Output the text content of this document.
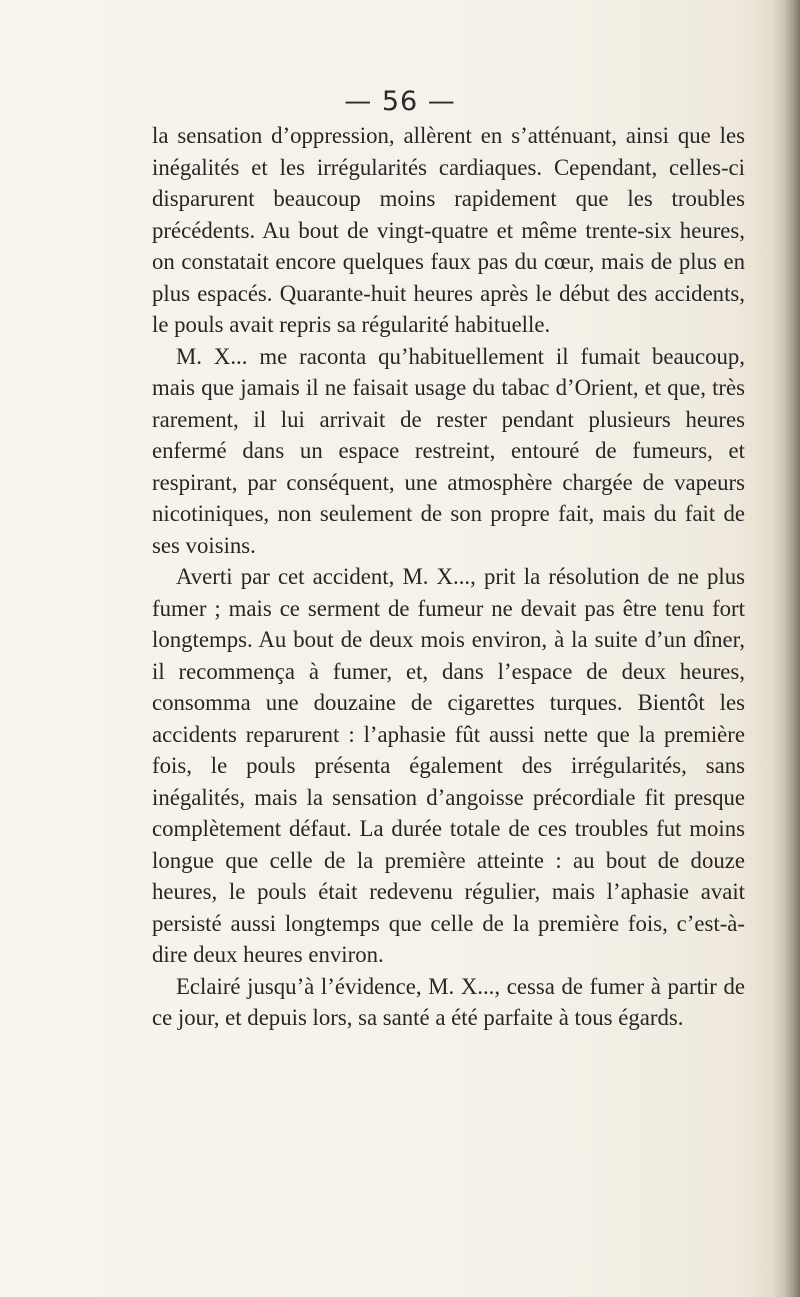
— 56 —

la sensation d’oppression, allèrent en s’atténuant, ainsi que les inégalités et les irrégularités cardiaques. Cependant, celles-ci disparurent beaucoup moins rapidement que les troubles précédents. Au bout de vingt-quatre et même trente-six heures, on constatait encore quelques faux pas du cœur, mais de plus en plus espacés. Quarante-huit heures après le début des accidents, le pouls avait repris sa régularité habituelle.

M. X... me raconta qu’habituellement il fumait beaucoup, mais que jamais il ne faisait usage du tabac d’Orient, et que, très rarement, il lui arrivait de rester pendant plusieurs heures enfermé dans un espace restreint, entouré de fumeurs, et respirant, par conséquent, une atmosphère chargée de vapeurs nicotiniques, non seulement de son propre fait, mais du fait de ses voisins.

Averti par cet accident, M. X..., prit la résolution de ne plus fumer ; mais ce serment de fumeur ne devait pas être tenu fort longtemps. Au bout de deux mois environ, à la suite d’un dîner, il recommença à fumer, et, dans l’espace de deux heures, consomma une douzaine de cigarettes turques. Bientôt les accidents reparurent : l’aphasie fût aussi nette que la première fois, le pouls présenta également des irrégularités, sans inégalités, mais la sensation d’angoisse précordiale fit presque complètement défaut. La durée totale de ces troubles fut moins longue que celle de la première atteinte : au bout de douze heures, le pouls était redevenu régulier, mais l’aphasie avait persisté aussi longtemps que celle de la première fois, c’est-à-dire deux heures environ.

Eclairé jusqu’à l’évidence, M. X..., cessa de fumer à partir de ce jour, et depuis lors, sa santé a été parfaite à tous égards.
